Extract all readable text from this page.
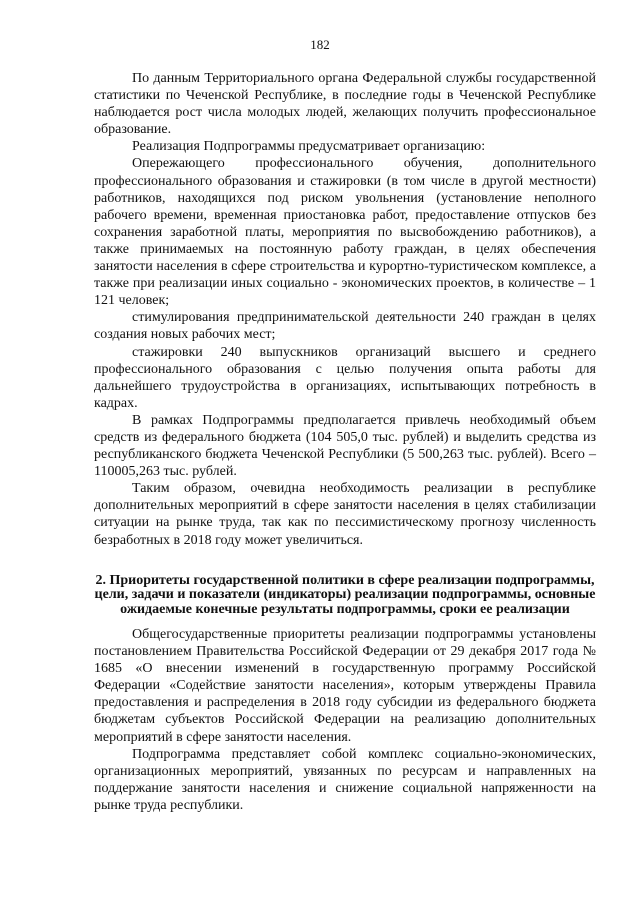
182

По данным Территориального органа Федеральной службы государственной статистики по Чеченской Республике, в последние годы в Чеченской Республике наблюдается рост числа молодых людей, желающих получить профессиональное образование.

Реализация Подпрограммы предусматривает организацию:

Опережающего профессионального обучения, дополнительного профессионального образования и стажировки (в том числе в другой местности) работников, находящихся под риском увольнения (установление неполного рабочего времени, временная приостановка работ, предоставление отпусков без сохранения заработной платы, мероприятия по высвобождению работников), а также принимаемых на постоянную работу граждан, в целях обеспечения занятости населения в сфере строительства и курортно-туристическом комплексе, а также при реализации иных социально - экономических проектов, в количестве – 1 121 человек;

стимулирования предпринимательской деятельности 240 граждан в целях создания новых рабочих мест;

стажировки 240 выпускников организаций высшего и среднего профессионального образования с целью получения опыта работы для дальнейшего трудоустройства в организациях, испытывающих потребность в кадрах.

В рамках Подпрограммы предполагается привлечь необходимый объем средств из федерального бюджета (104 505,0 тыс. рублей) и выделить средства из республиканского бюджета Чеченской Республики (5 500,263 тыс. рублей). Всего – 110005,263 тыс. рублей.

Таким образом, очевидна необходимость реализации в республике дополнительных мероприятий в сфере занятости населения в целях стабилизации ситуации на рынке труда, так как по пессимистическому прогнозу численность безработных в 2018 году может увеличиться.

2. Приоритеты государственной политики в сфере реализации подпрограммы, цели, задачи и показатели (индикаторы) реализации подпрограммы, основные ожидаемые конечные результаты подпрограммы, сроки ее реализации

Общегосударственные приоритеты реализации подпрограммы установлены постановлением Правительства Российской Федерации от 29 декабря 2017 года № 1685 «О внесении изменений в государственную программу Российской Федерации «Содействие занятости населения», которым утверждены Правила предоставления и распределения в 2018 году субсидии из федерального бюджета бюджетам субъектов Российской Федерации на реализацию дополнительных мероприятий в сфере занятости населения.

Подпрограмма представляет собой комплекс социально-экономических, организационных мероприятий, увязанных по ресурсам и направленных на поддержание занятости населения и снижение социальной напряженности на рынке труда республики.
